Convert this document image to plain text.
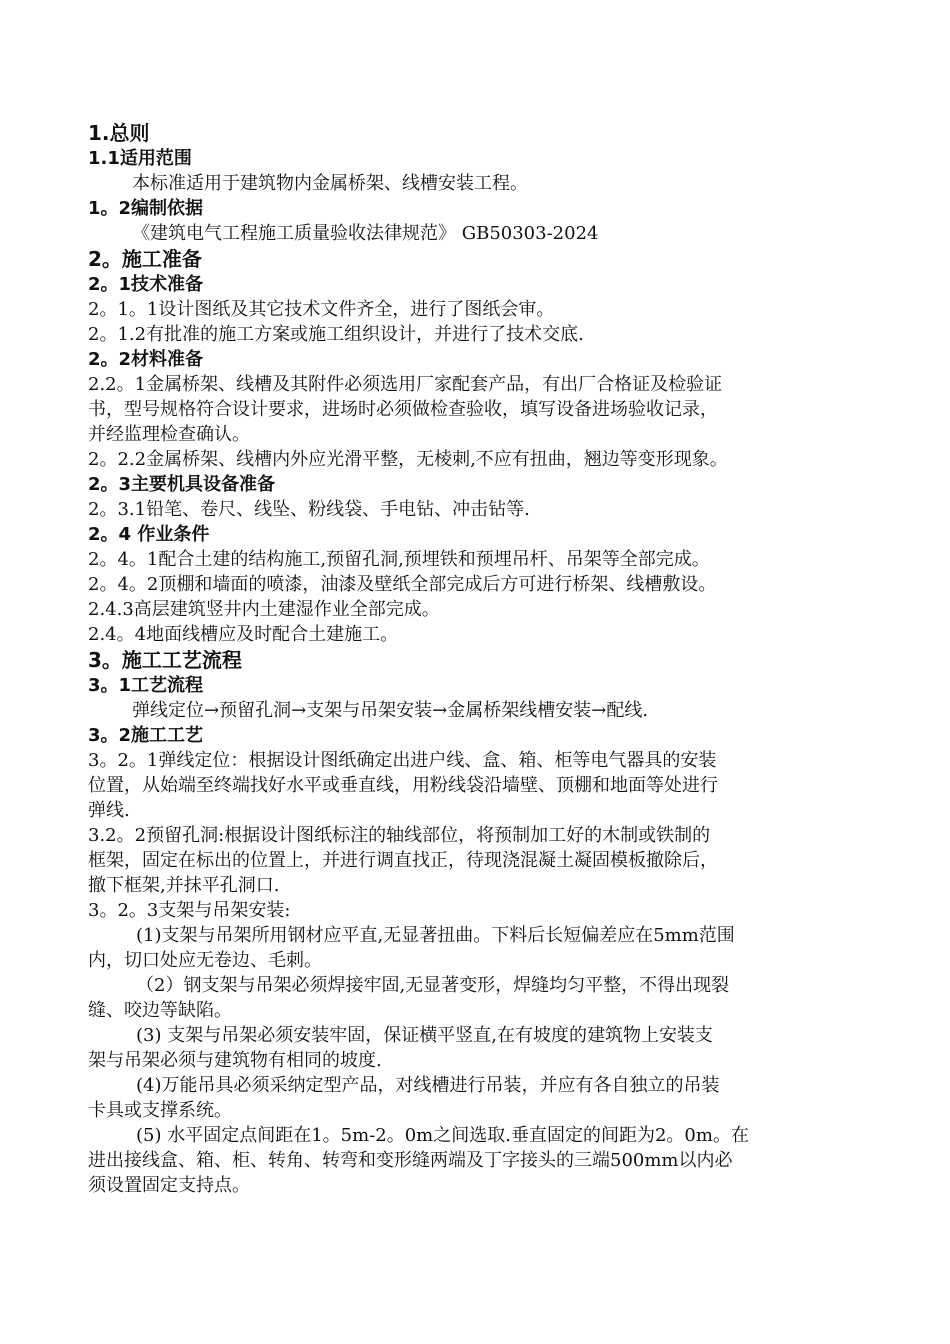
1.总则
1.1适用范围
本标准适用于建筑物内金属桥架、线槽安装工程。
1。2编制依据
《建筑电气工程施工质量验收法律规范》 GB50303-2024
2。施工准备
2。1技术准备
2。1。1设计图纸及其它技术文件齐全，进行了图纸会审。
2。1.2有批准的施工方案或施工组织设计，并进行了技术交底.
2。2材料准备
2.2。1金属桥架、线槽及其附件必须选用厂家配套产品，有出厂合格证及检验证
书，型号规格符合设计要求，进场时必须做检查验收，填写设备进场验收记录，
并经监理检查确认。
2。2.2金属桥架、线槽内外应光滑平整，无棱刺,不应有扭曲，翘边等变形现象。
2。3主要机具设备准备
2。3.1铅笔、卷尺、线坠、粉线袋、手电钻、冲击钻等.
2。4 作业条件
2。4。1配合土建的结构施工,预留孔洞,预埋铁和预埋吊杆、吊架等全部完成。
2。4。2顶棚和墙面的喷漆，油漆及壁纸全部完成后方可进行桥架、线槽敷设。
2.4.3高层建筑竖井内土建湿作业全部完成。
2.4。4地面线槽应及时配合土建施工。
3。施工工艺流程
3。1工艺流程
弹线定位→预留孔洞→支架与吊架安装→金属桥架线槽安装→配线.
3。2施工工艺
3。2。1弹线定位：根据设计图纸确定出进户线、盒、箱、柜等电气器具的安装
位置，从始端至终端找好水平或垂直线，用粉线袋沿墙壁、顶棚和地面等处进行
弹线.
3.2。2预留孔洞:根据设计图纸标注的轴线部位，将预制加工好的木制或铁制的
框架，固定在标出的位置上，并进行调直找正，待现浇混凝土凝固模板撤除后，
撤下框架,并抹平孔洞口.
3。2。3支架与吊架安装:
(1)支架与吊架所用钢材应平直,无显著扭曲。下料后长短偏差应在5mm范围
内，切口处应无卷边、毛刺。
（2）钢支架与吊架必须焊接牢固,无显著变形，焊缝均匀平整，不得出现裂
缝、咬边等缺陷。
(3) 支架与吊架必须安装牢固，保证横平竖直,在有坡度的建筑物上安装支
架与吊架必须与建筑物有相同的坡度.
(4)万能吊具必须采纳定型产品，对线槽进行吊装，并应有各自独立的吊装
卡具或支撑系统。
(5) 水平固定点间距在1。5m-2。0m之间选取.垂直固定的间距为2。0m。在
进出接线盒、箱、柜、转角、转弯和变形缝两端及丁字接头的三端500mm以内必
须设置固定支持点。
